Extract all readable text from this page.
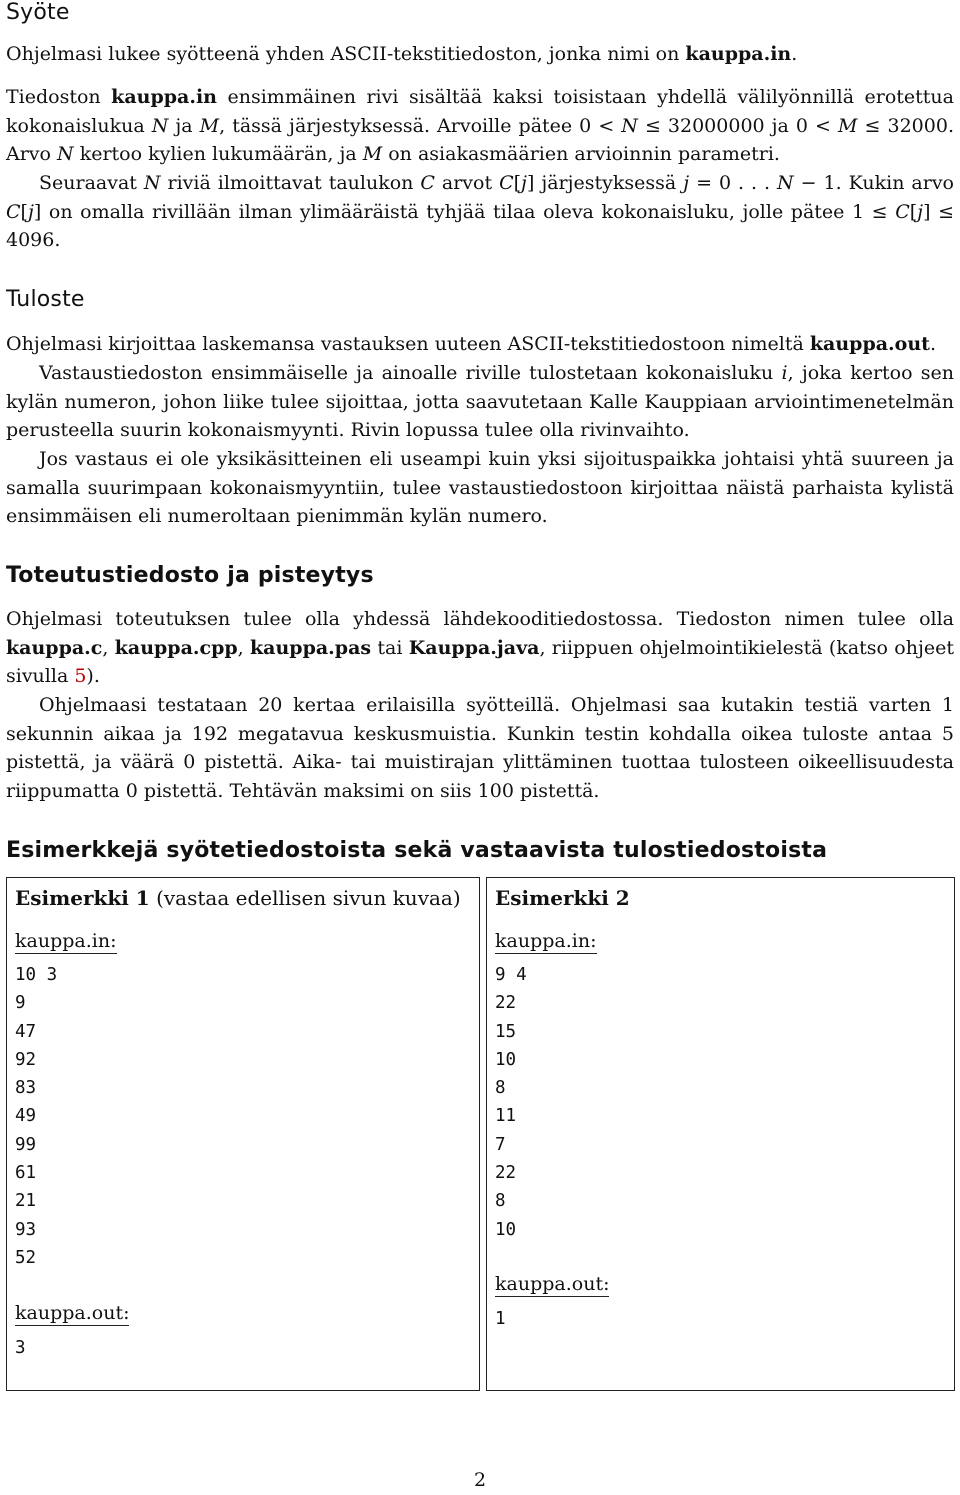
Syöte

Ohjelmasi lukee syötteenä yhden ASCII-tekstitiedoston, jonka nimi on kauppa.in.

Tiedoston kauppa.in ensimmäinen rivi sisältää kaksi toisistaan yhdellä välilyönnillä erotettua kokonaislukua N ja M, tässä järjestyksessä. Arvoille pätee 0 < N ≤ 32000000 ja 0 < M ≤ 32000. Arvo N kertoo kylien lukumäärän, ja M on asiakasmäärien arvioinnin parametri.

Seuraavat N riviä ilmoittavat taulukon C arvot C[j] järjestyksessä j = 0 . . . N − 1. Kukin arvo C[j] on omalla rivillään ilman ylimääräistä tyhjää tilaa oleva kokonaisluku, jolle pätee 1 ≤ C[j] ≤ 4096.

Tuloste

Ohjelmasi kirjoittaa laskemansa vastauksen uuteen ASCII-tekstitiedostoon nimeltä kauppa.out.

Vastaustiedoston ensimmäiselle ja ainoalle riville tulostetaan kokonaisluku i, joka kertoo sen kylän numeron, johon liike tulee sijoittaa, jotta saavutetaan Kalle Kauppiaan arviointimenetelmän perusteella suurin kokonaismyynti. Rivin lopussa tulee olla rivinvaihto.

Jos vastaus ei ole yksikäsitteinen eli useampi kuin yksi sijoituspaikka johtaisi yhtä suureen ja samalla suurimpaan kokonaismyyntiin, tulee vastaustiedostoon kirjoittaa näistä parhaista kylistä ensimmäisen eli numeroltaan pienimmän kylän numero.

Toteutustiedosto ja pisteytys

Ohjelmasi toteutuksen tulee olla yhdessä lähdekooditiedostossa. Tiedoston nimen tulee olla kauppa.c, kauppa.cpp, kauppa.pas tai Kauppa.java, riippuen ohjelmointikielestä (katso ohjeet sivulla 5).

Ohjelmaasi testataan 20 kertaa erilaisilla syötteillä. Ohjelmasi saa kutakin testiä varten 1 sekunnin aikaa ja 192 megatavua keskusmuistia. Kunkin testin kohdalla oikea tuloste antaa 5 pistettä, ja väärä 0 pistettä. Aika- tai muistirajan ylittäminen tuottaa tulosteen oikeellisuudesta riippumatta 0 pistettä. Tehtävän maksimi on siis 100 pistettä.

Esimerkkejä syötetiedostoista sekä vastaavista tulostiedostoista
Esimerkki 1 (vastaa edellisen sivun kuvaa)
kauppa.in:
10 3
9
47
92
83
49
99
61
21
93
52
kauppa.out:
3
Esimerkki 2
kauppa.in:
9 4
22
15
10
8
11
7
22
8
10
kauppa.out:
1
2
